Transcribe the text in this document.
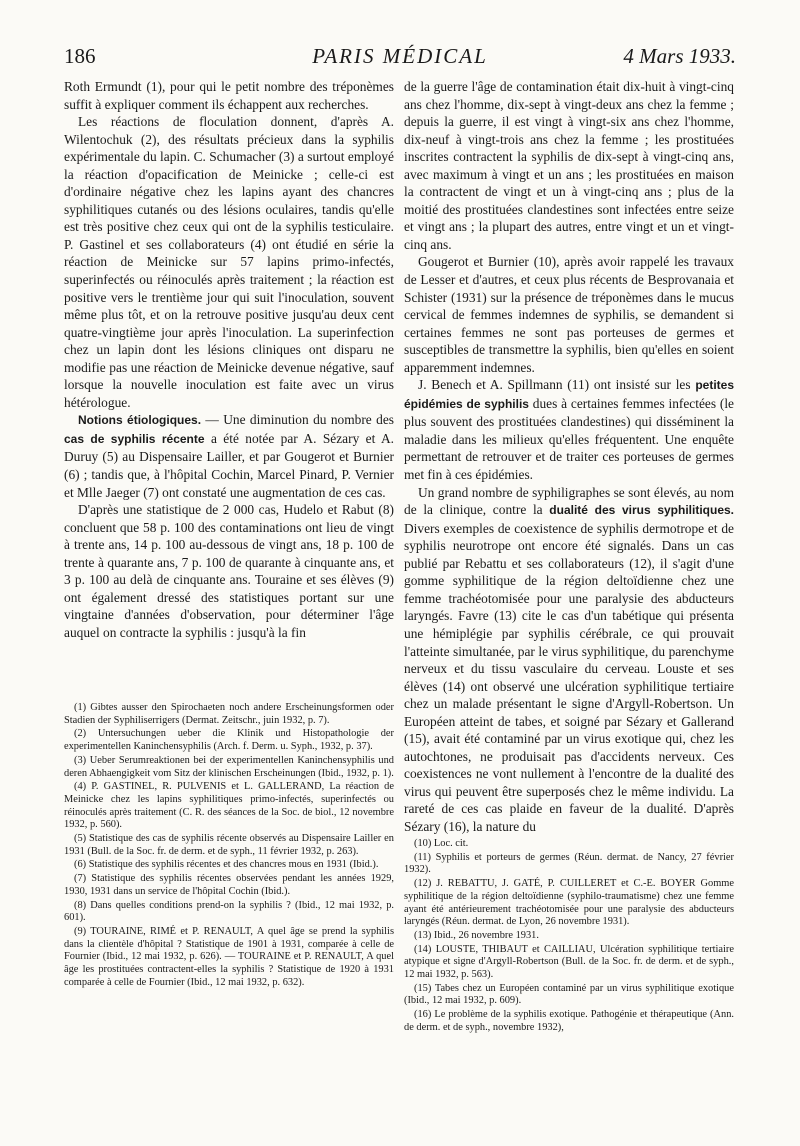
186	PARIS MÉDICAL	4 Mars 1933.

Roth Ermundt (1), pour qui le petit nombre des tréponèmes suffit à expliquer comment ils échappent aux recherches.

Les réactions de floculation donnent, d'après A. Wilentochuk (2), des résultats précieux dans la syphilis expérimentale du lapin. C. Schumacher (3) a surtout employé la réaction d'opacification de Meinicke ; celle-ci est d'ordinaire négative chez les lapins ayant des chancres syphilitiques cutanés ou des lésions oculaires, tandis qu'elle est très positive chez ceux qui ont de la syphilis testiculaire. P. Gastinel et ses collaborateurs (4) ont étudié en série la réaction de Meinicke sur 57 lapins primo-infectés, superinfectés ou réinoculés après traitement ; la réaction est positive vers le trentième jour qui suit l'inoculation, souvent même plus tôt, et on la retrouve positive jusqu'au deux cent quatre-vingtième jour après l'inoculation. La superinfection chez un lapin dont les lésions cliniques ont disparu ne modifie pas une réaction de Meinicke devenue négative, sauf lorsque la nouvelle inoculation est faite avec un virus hétérologue.

Notions étiologiques. — Une diminution du nombre des cas de syphilis récente a été notée par A. Sézary et A. Duruy (5) au Dispensaire Lailler, et par Gougerot et Burnier (6) ; tandis que, à l'hôpital Cochin, Marcel Pinard, P. Vernier et Mlle Jaeger (7) ont constaté une augmentation de ces cas.

D'après une statistique de 2 000 cas, Hudelo et Rabut (8) concluent que 58 p. 100 des contaminations ont lieu de vingt à trente ans, 14 p. 100 au-dessous de vingt ans, 18 p. 100 de trente à quarante ans, 7 p. 100 de quarante à cinquante ans, et 3 p. 100 au delà de cinquante ans. Touraine et ses élèves (9) ont également dressé des statistiques portant sur une vingtaine d'années d'observation, pour déterminer l'âge auquel on contracte la syphilis : jusqu'à la fin

(1) Gibtes ausser den Spirochaeten noch andere Erscheinungsformen oder Stadien der Syphiliserrigers (Dermat. Zeitschr., juin 1932, p. 7).

(2) Untersuchungen ueber die Klinik und Histopathologie der experimentellen Kaninchensyphilis (Arch. f. Derm. u. Syph., 1932, p. 37).

(3) Ueber Serumreaktionen bei der experimentellen Kaninchensyphilis und deren Abhaengigkeit vom Sitz der klinischen Erscheinungen (Ibid., 1932, p. 1).

(4) P. GASTINEL, R. PULVENIS et L. GALLERAND, La réaction de Meinicke chez les lapins syphilitiques primo-infectés, superinfectés ou réinoculés après traitement (C. R. des séances de la Soc. de biol., 12 novembre 1932, p. 560).

(5) Statistique des cas de syphilis récente observés au Dispensaire Lailler en 1931 (Bull. de la Soc. fr. de derm. et de syph., 11 février 1932, p. 263).

(6) Statistique des syphilis récentes et des chancres mous en 1931 (Ibid.).

(7) Statistique des syphilis récentes observées pendant les années 1929, 1930, 1931 dans un service de l'hôpital Cochin (Ibid.).

(8) Dans quelles conditions prend-on la syphilis ? (Ibid., 12 mai 1932, p. 601).

(9) TOURAINE, RIMÉ et P. RENAULT, A quel âge se prend la syphilis dans la clientèle d'hôpital ? Statistique de 1901 à 1931, comparée à celle de Fournier (Ibid., 12 mai 1932, p. 626). — TOURAINE et P. RENAULT, A quel âge les prostituées contractent-elles la syphilis ? Statistique de 1920 à 1931 comparée à celle de Fournier (Ibid., 12 mai 1932, p. 632).

de la guerre l'âge de contamination était dix-huit à vingt-cinq ans chez l'homme, dix-sept à vingt-deux ans chez la femme ; depuis la guerre, il est vingt à vingt-six ans chez l'homme, dix-neuf à vingt-trois ans chez la femme ; les prostituées inscrites contractent la syphilis de dix-sept à vingt-cinq ans, avec maximum à vingt et un ans ; les prostituées en maison la contractent de vingt et un à vingt-cinq ans ; plus de la moitié des prostituées clandestines sont infectées entre seize et vingt ans ; la plupart des autres, entre vingt et un et vingt-cinq ans.

Gougerot et Burnier (10), après avoir rappelé les travaux de Lesser et d'autres, et ceux plus récents de Besprovanaia et Schister (1931) sur la présence de tréponèmes dans le mucus cervical de femmes indemnes de syphilis, se demandent si certaines femmes ne sont pas porteuses de germes et susceptibles de transmettre la syphilis, bien qu'elles en soient apparemment indemnes.

J. Benech et A. Spillmann (11) ont insisté sur les petites épidémies de syphilis dues à certaines femmes infectées (le plus souvent des prostituées clandestines) qui disséminent la maladie dans les milieux qu'elles fréquentent. Une enquête permettant de retrouver et de traiter ces porteuses de germes met fin à ces épidémies.

Un grand nombre de syphiligraphes se sont élevés, au nom de la clinique, contre la dualité des virus syphilitiques. Divers exemples de coexistence de syphilis dermotrope et de syphilis neurotrope ont encore été signalés. Dans un cas publié par Rebattu et ses collaborateurs (12), il s'agit d'une gomme syphilitique de la région deltoïdienne chez une femme trachéotomisée pour une paralysie des abducteurs laryngés. Favre (13) cite le cas d'un tabétique qui présenta une hémiplégie par syphilis cérébrale, ce qui prouvait l'atteinte simultanée, par le virus syphilitique, du parenchyme nerveux et du tissu vasculaire du cerveau. Louste et ses élèves (14) ont observé une ulcération syphilitique tertiaire chez un malade présentant le signe d'Argyll-Robertson. Un Européen atteint de tabes, et soigné par Sézary et Gallerand (15), avait été contaminé par un virus exotique qui, chez les autochtones, ne produisait pas d'accidents nerveux. Ces coexistences ne vont nullement à l'encontre de la dualité des virus qui peuvent être superposés chez le même individu. La rareté de ces cas plaide en faveur de la dualité. D'après Sézary (16), la nature du

(10) Loc. cit.

(11) Syphilis et porteurs de germes (Réun. dermat. de Nancy, 27 février 1932).

(12) J. REBATTU, J. GATÉ, P. CUILLERET et C.-E. BOYER Gomme syphilitique de la région deltoïdienne (syphilo-traumatisme) chez une femme ayant été antérieurement trachéotomisée pour une paralysie des abducteurs laryngés (Réun. dermat. de Lyon, 26 novembre 1931).

(13) Ibid., 26 novembre 1931.

(14) LOUSTE, THIBAUT et CAILLIAU, Ulcération syphilitique tertiaire atypique et signe d'Argyll-Robertson (Bull. de la Soc. fr. de derm. et de syph., 12 mai 1932, p. 563).

(15) Tabes chez un Européen contaminé par un virus syphilitique exotique (Ibid., 12 mai 1932, p. 609).

(16) Le problème de la syphilis exotique. Pathogénie et thérapeutique (Ann. de derm. et de syph., novembre 1932),
